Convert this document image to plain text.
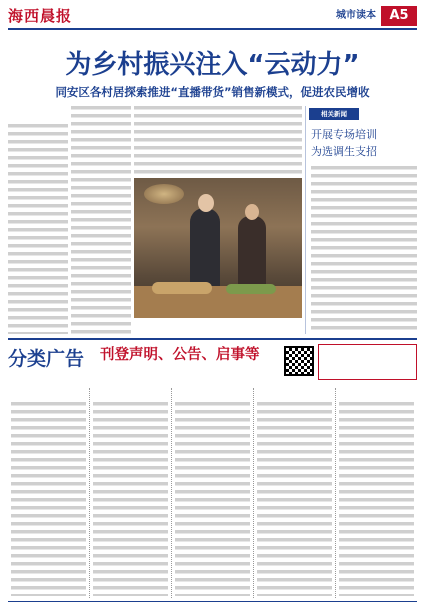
海西晨报	城市读本	A5
为乡村振兴注入“云动力”
同安区各村居探索推进“直播带货”销售新模式，促进农民增收
相关新闻
开展专场培训
为选调生支招
分类广告	刊登声明、公告、启事等
